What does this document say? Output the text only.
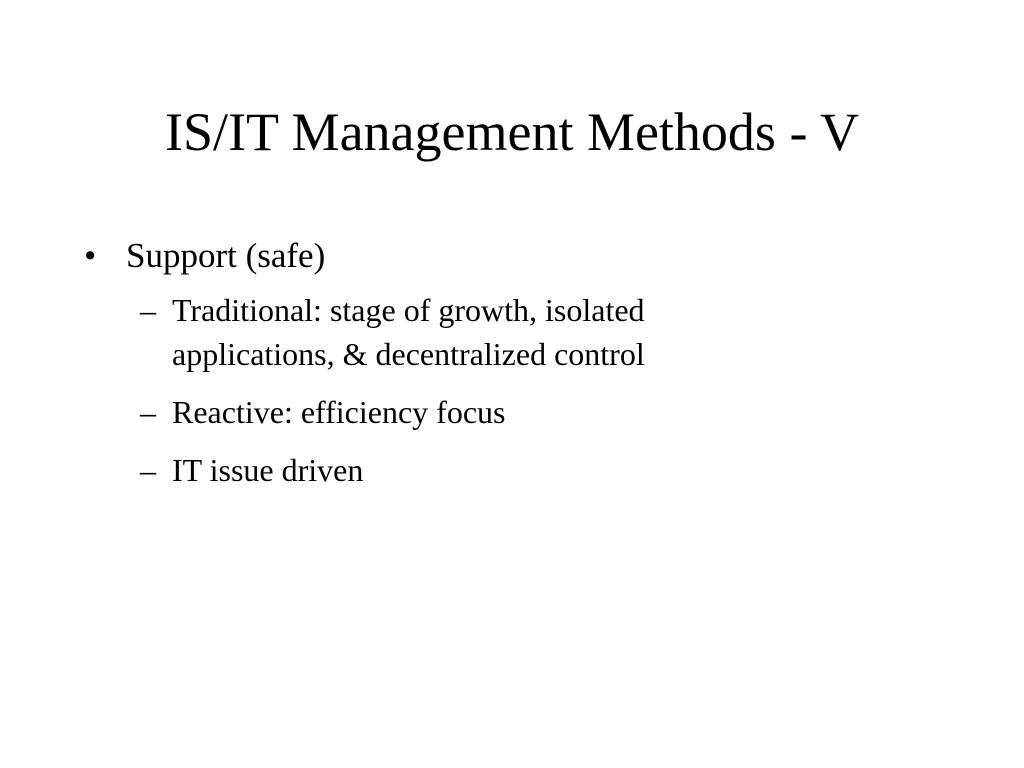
IS/IT Management Methods - V
• Support (safe)
– Traditional: stage of growth, isolated applications, & decentralized control
– Reactive: efficiency focus
– IT issue driven
